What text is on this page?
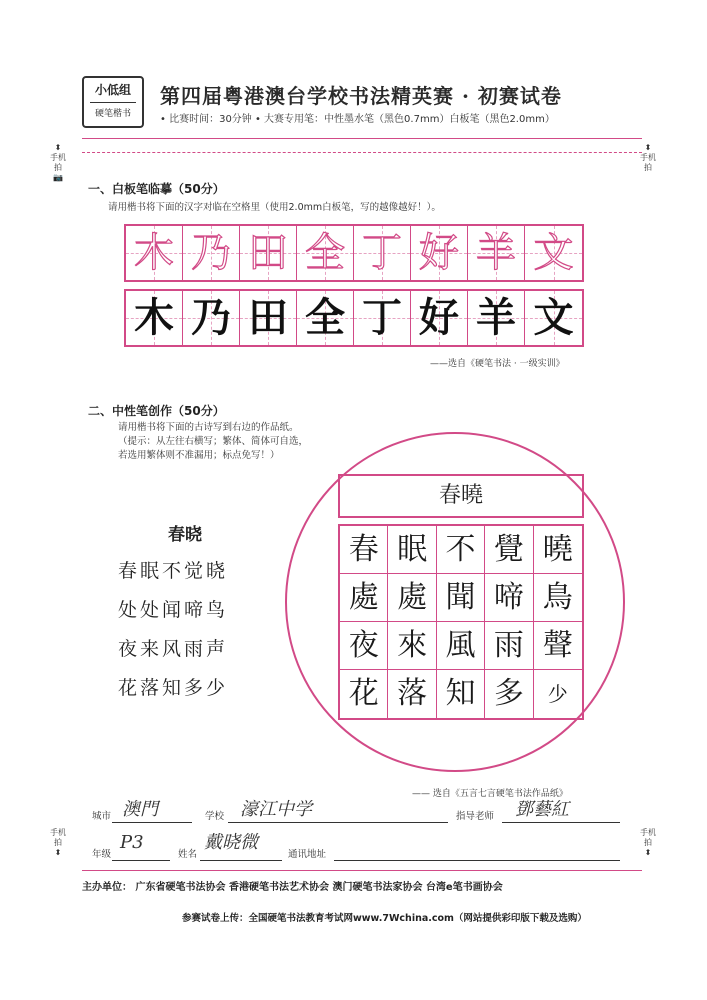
小低组
硬笔楷书
第四届粤港澳台学校书法精英赛 · 初赛试卷
• 比赛时间：30分钟 • 大赛专用笔：中性墨水笔（黑色0.7mm）白板笔（黑色2.0mm）
⬍
手机拍
📷
⬍
手机拍
手机拍
⬍
手机拍
⬍
一、白板笔临摹（50分）
请用楷书将下面的汉字对临在空格里（使用2.0mm白板笔，写的越像越好！）。
木 乃 田 全 丁 好 羊 文
木 乃 田 全 丁 好 羊 文
——选自《硬笔书法 · 一级实训》
二、中性笔创作（50分）
请用楷书将下面的古诗写到右边的作品纸。
（提示：从左往右横写；繁体、简体可自选，
若选用繁体则不准漏用；标点免写！）
春晓
春眠不觉晓
处处闻啼鸟
夜来风雨声
花落知多少
春曉
春 眠 不 覺 曉
處 處 聞 啼 鳥
夜 來 風 雨 聲
花 落 知 多	少
—— 选自《五言七言硬笔书法作品纸》
城市 澳門	学校 濠江中学	指导老师 鄧藝紅
年级
P3
姓名
戴晓微
通讯地址
主办单位： 广东省硬笔书法协会 香港硬笔书法艺术协会 澳门硬笔书法家协会 台湾e笔书画协会
参赛试卷上传：全国硬笔书法教育考试网www.7Wchina.com（网站提供彩印版下载及选购）
